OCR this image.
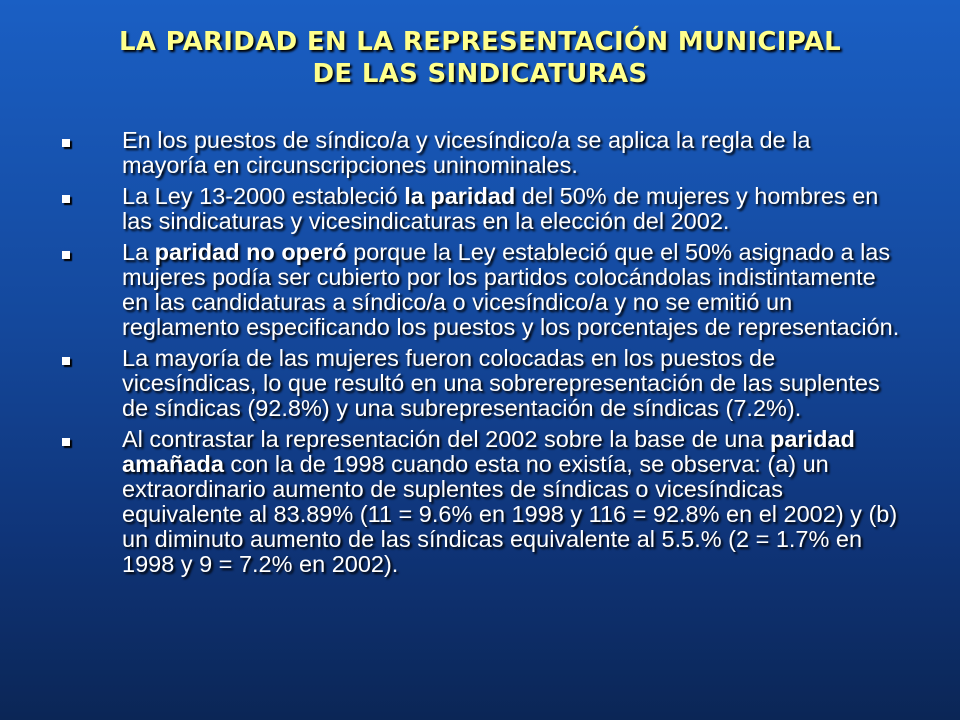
LA PARIDAD EN LA REPRESENTACIÓN MUNICIPAL
DE LAS SINDICATURAS
En los puestos de síndico/a y vicesíndico/a se aplica la regla de la mayoría en circunscripciones uninominales.
La Ley 13-2000 estableció la paridad del 50% de mujeres y hombres en las sindicaturas y vicesindicaturas en la elección del 2002.
La paridad no operó porque la Ley estableció que el 50% asignado a las mujeres podía ser cubierto por los partidos colocándolas indistintamente en las candidaturas a síndico/a o vicesíndico/a y no se emitió un reglamento especificando los puestos y los porcentajes de representación.
La mayoría de las mujeres fueron colocadas en los puestos de vicesíndicas, lo que resultó en una sobrerepresentación de las suplentes de síndicas (92.8%) y una subrepresentación de síndicas (7.2%).
Al contrastar la representación del 2002 sobre la base de una paridad amañada con la de 1998 cuando esta no existía, se observa: (a) un extraordinario aumento de suplentes de síndicas o vicesíndicas equivalente al 83.89% (11 = 9.6% en 1998 y 116 = 92.8% en el 2002) y (b) un diminuto aumento de las síndicas equivalente al 5.5.% (2 = 1.7% en 1998 y 9 = 7.2% en 2002).
